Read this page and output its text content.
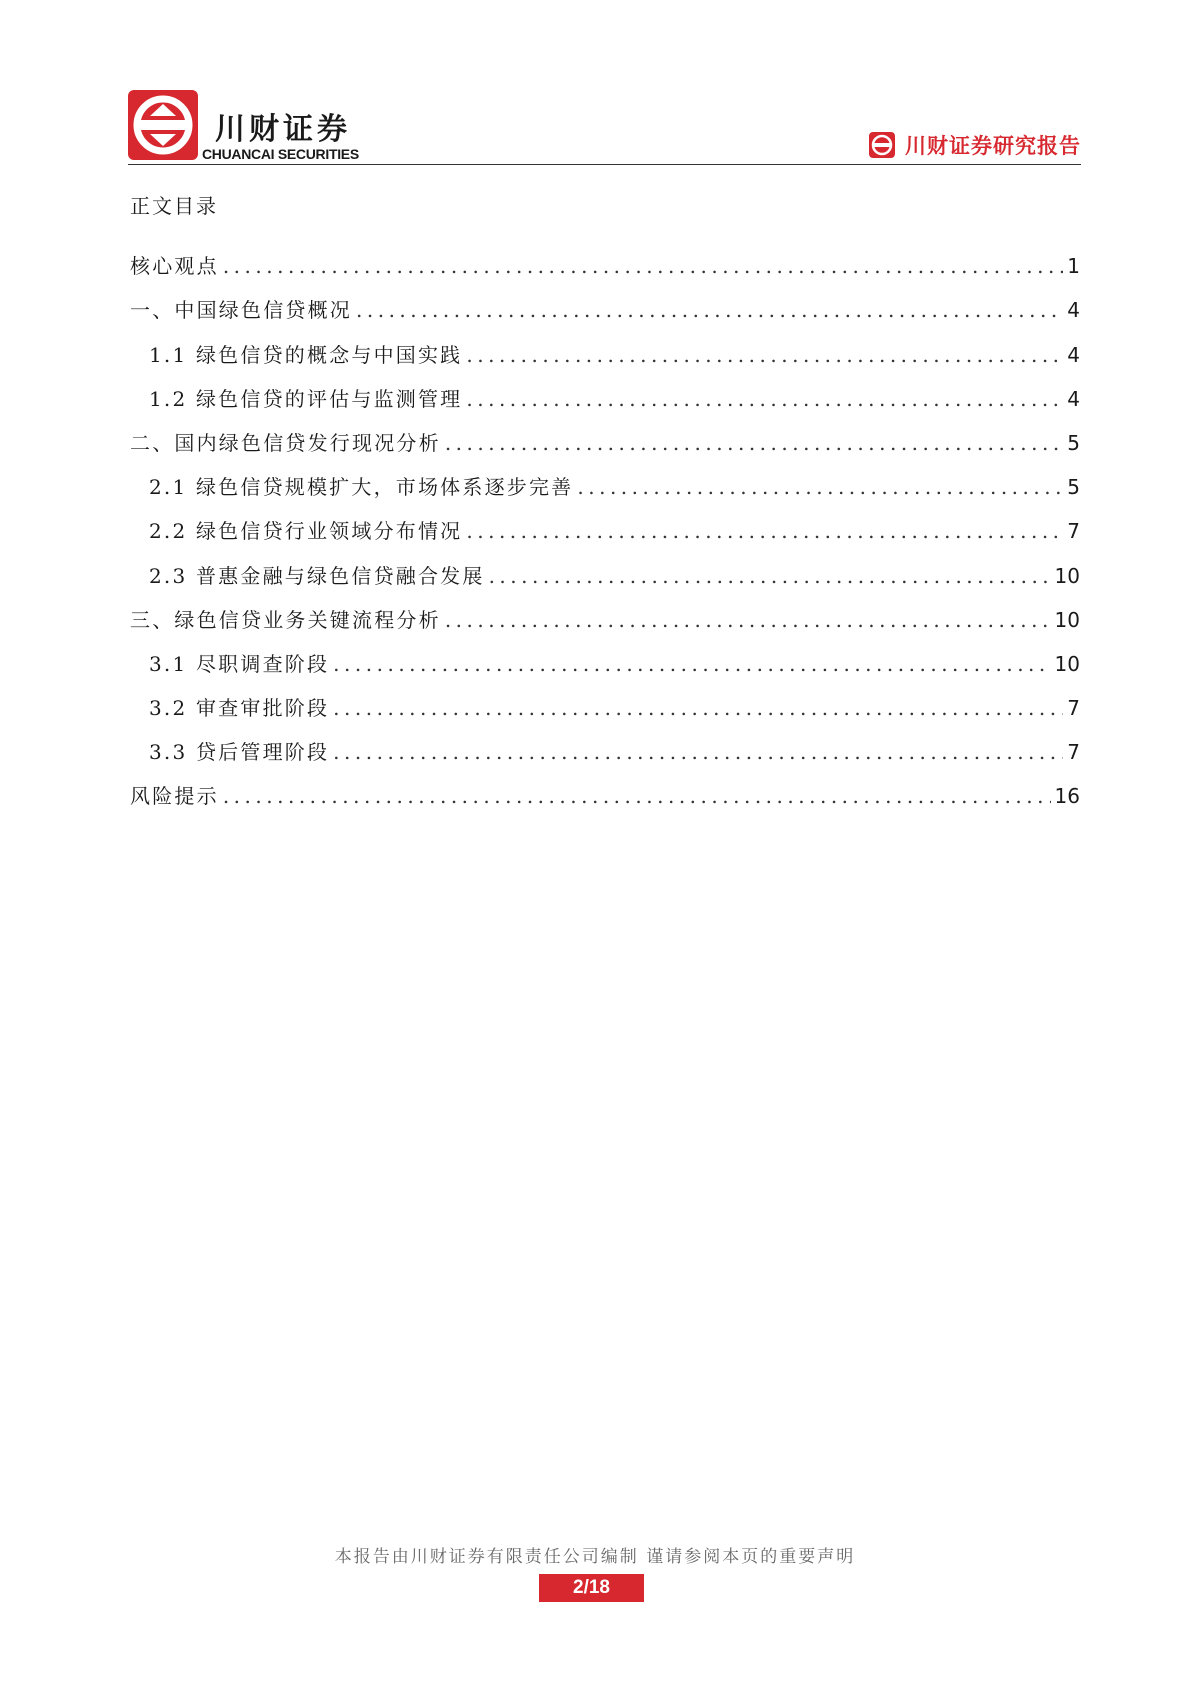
川财证券
CHUANCAI SECURITIES	川财证券研究报告
正文目录
核心观点 .....	1
一、中国绿色信贷概况 .....	4
1.1 绿色信贷的概念与中国实践 .....	4
1.2 绿色信贷的评估与监测管理 .....	4
二、国内绿色信贷发行现况分析 .....	5
2.1 绿色信贷规模扩大，市场体系逐步完善 .....	5
2.2 绿色信贷行业领域分布情况 .....	7
2.3 普惠金融与绿色信贷融合发展 .....	10
三、绿色信贷业务关键流程分析 .....	10
3.1 尽职调查阶段 .....	10
3.2 审查审批阶段 .....	7
3.3 贷后管理阶段 .....	7
风险提示 .....	16
本报告由川财证券有限责任公司编制 谨请参阅本页的重要声明
2/18
